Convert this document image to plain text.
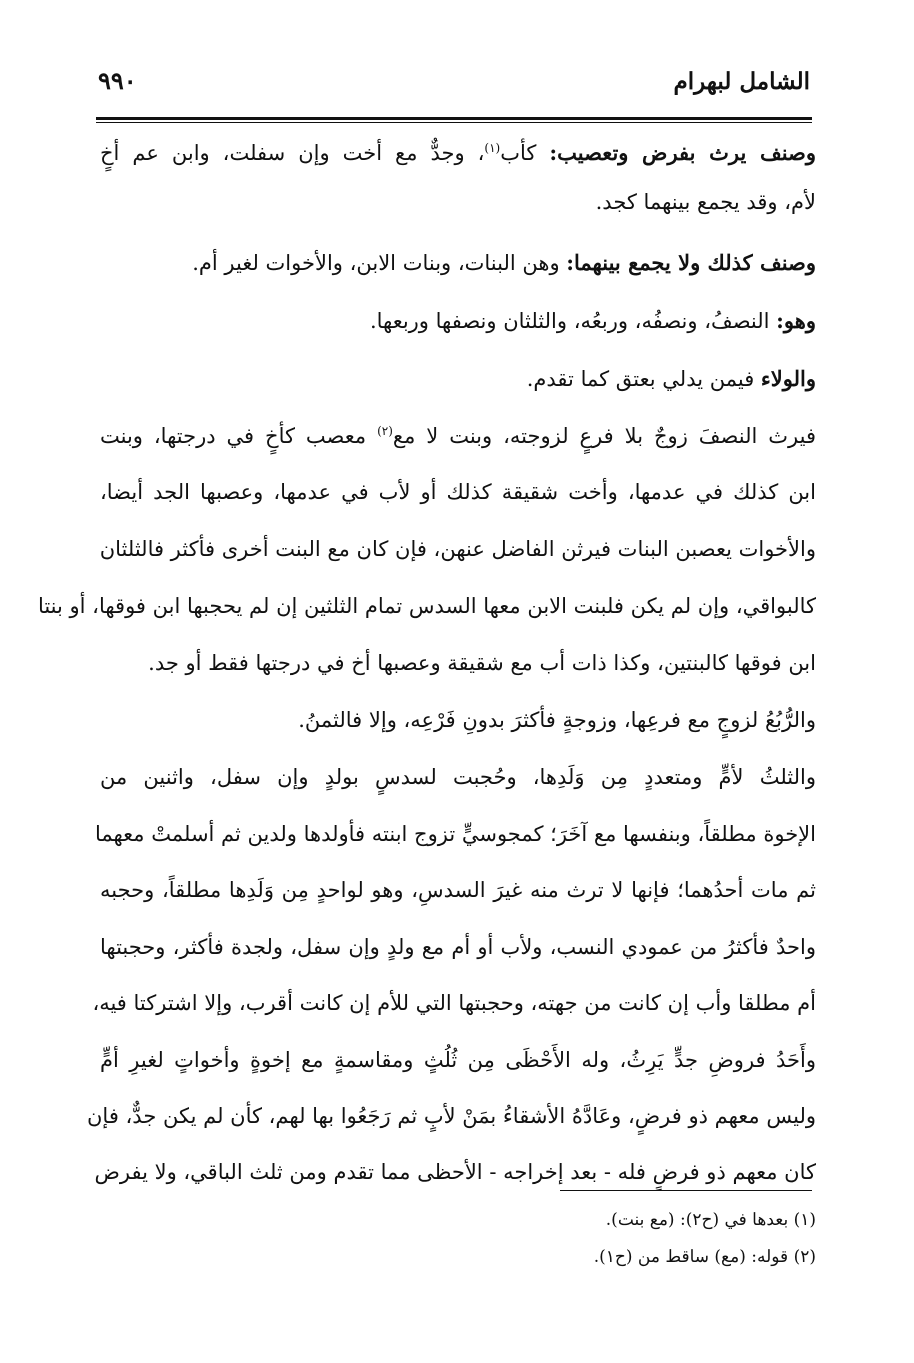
الشامل لبهرام
٩٩٠
وصنف يرث بفرض وتعصيب: كأب$^{(١)}$، وجدٌّ مع أخت وإن سفلت، وابن عم أخٍ
لأم، وقد يجمع بينهما كجد.
وصنف كذلك ولا يجمع بينهما: وهن البنات، وبنات الابن، والأخوات لغير أم.
وهو: النصفُ، ونصفُه، وربعُه، والثلثان ونصفها وربعها.
والولاء فيمن يدلي بعتق كما تقدم.
فيرث النصفَ زوجٌ بلا فرعٍ لزوجته، وبنت لا مع$^{(٢)}$ معصب كأخٍ في درجتها، وبنت
ابن كذلك في عدمها، وأخت شقيقة كذلك أو لأب في عدمها، وعصبها الجد أيضا،
والأخوات يعصبن البنات فيرثن الفاضل عنهن، فإن كان مع البنت أخرى فأكثر فالثلثان
كالبواقي، وإن لم يكن فلبنت الابن معها السدس تمام الثلثين إن لم يحجبها ابن فوقها، أو بنتا
ابن فوقها كالبنتين، وكذا ذات أب مع شقيقة وعصبها أخ في درجتها فقط أو جد.
والرُّبُعُ لزوجٍ مع فرعِها، وزوجةٍ فأكثرَ بدونِ فَرْعِه، وإلا فالثمنُ.
والثلثُ لأمٍّ ومتعددٍ مِن وَلَدِها، وحُجبت لسدسٍ بولدٍ وإن سفل، واثنين من
الإخوة مطلقاً، وبنفسها مع آخَرَ؛ كمجوسيٍّ تزوج ابنته فأولدها ولدين ثم أسلمتْ معهما
ثم مات أحدُهما؛ فإنها لا ترث منه غيرَ السدسِ، وهو لواحدٍ مِن وَلَدِها مطلقاً، وحجبه
واحدٌ فأكثرُ من عمودي النسب، ولأب أو أم مع ولدٍ وإن سفل، ولجدة فأكثر، وحجبتها
أم مطلقا وأب إن كانت من جهته، وحجبتها التي للأم إن كانت أقرب، وإلا اشتركتا فيه،
وأَحَدُ فروضِ جدٍّ يَرِثُ، وله الأَحْظَى مِن ثُلُثٍ ومقاسمةٍ مع إخوةٍ وأخواتٍ لغيرِ أمٍّ
وليس معهم ذو فرضٍ، وعَادَّهُ الأشقاءُ بمَنْ لأبٍ ثم رَجَعُوا بها لهم، كأن لم يكن جدٌّ، فإن
كان معهم ذو فرضٍ فله - بعد إخراجه - الأحظى مما تقدم ومن ثلث الباقي، ولا يفرض
(١) بعدها في (ح٢): (مع بنت).
(٢) قوله: (مع) ساقط من (ح١).
